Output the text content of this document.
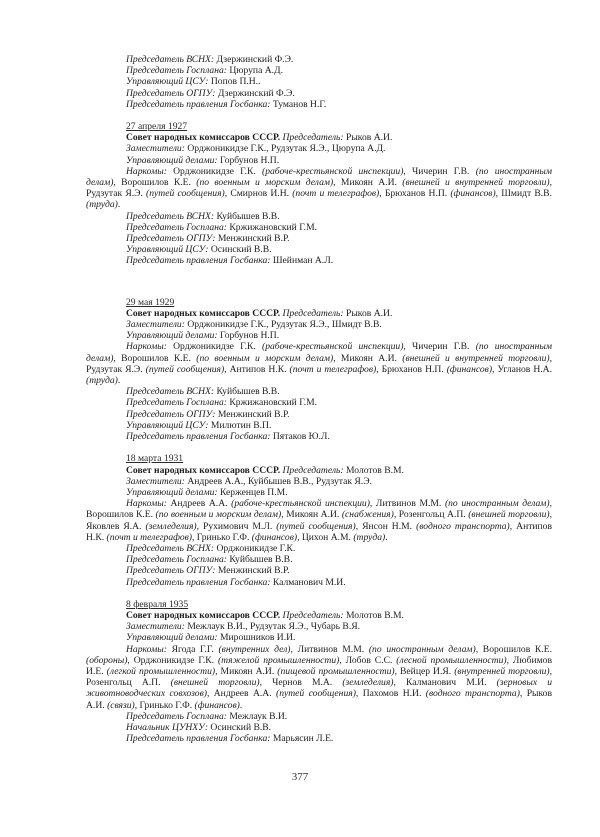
Председатель ВСНХ: Дзержинский Ф.Э.
Председатель Госплана: Цюрупа А.Д.
Управляющий ЦСУ: Попов П.Н..
Председатель ОГПУ: Дзержинский Ф.Э.
Председатель правления Госбанка: Туманов Н.Г.
27 апреля 1927
Совет народных комиссаров СССР. Председатель: Рыков А.И.
Заместители: Орджоникидзе Г.К., Рудзутак Я.Э., Цюрупа А.Д.
Управляющий делами: Горбунов Н.П.
Наркомы: Орджоникидзе Г.К. (рабоче-крестьянской инспекции), Чичерин Г.В. (по иностранным делам), Ворошилов К.Е. (по военным и морским делам), Микоян А.И. (внешней и внутренней торговли), Рудзутак Я.Э. (путей сообщения), Смирнов И.Н. (почт и телеграфов), Брюханов Н.П. (финансов), Шмидт В.В. (труда).
Председатель ВСНХ: Куйбышев В.В.
Председатель Госплана: Кржижановский Г.М.
Председатель ОГПУ: Менжинский В.Р.
Управляющий ЦСУ: Осинский В.В.
Председатель правления Госбанка: Шейнман А.Л.
29 мая 1929
Совет народных комиссаров СССР. Председатель: Рыков А.И.
Заместители: Орджоникидзе Г.К., Рудзутак Я.Э., Шмидт В.В.
Управляющий делами: Горбунов Н.П.
Наркомы: Орджоникидзе Г.К. (рабоче-крестьянской инспекции), Чичерин Г.В. (по иностранным делам), Ворошилов К.Е. (по военным и морским делам), Микоян А.И. (внешней и внутренней торговли), Рудзутак Я.Э. (путей сообщения), Антипов Н.К. (почт и телеграфов), Брюханов Н.П. (финансов), Угланов Н.А. (труда).
Председатель ВСНХ: Куйбышев В.В.
Председатель Госплана: Кржижановский Г.М.
Председатель ОГПУ: Менжинский В.Р.
Управляющий ЦСУ: Милютин В.П.
Председатель правления Госбанка: Пятаков Ю.Л.
18 марта 1931
Совет народных комиссаров СССР. Председатель: Молотов В.М.
Заместители: Андреев А.А., Куйбышев В.В., Рудзутак Я.Э.
Управляющий делами: Керженцев П.М.
Наркомы: Андреев А.А. (рабоче-крестьянской инспекции), Литвинов М.М. (по иностранным делам), Ворошилов К.Е. (по военным и морским делам), Микоян А.И. (снабжения), Розенгольц А.П. (внешней торговли), Яковлев Я.А. (земледелия), Рухимович М.Л. (путей сообщения), Янсон Н.М. (водного транспорта), Антипов Н.К. (почт и телеграфов), Гринько Г.Ф. (финансов), Цихон А.М. (труда).
Председатель ВСНХ: Орджоникидзе Г.К.
Председатель Госплана: Куйбышев В.В.
Председатель ОГПУ: Менжинский В.Р.
Председатель правления Госбанка: Калманович М.И.
8 февраля 1935
Совет народных комиссаров СССР. Председатель: Молотов В.М.
Заместители: Межлаук В.И., Рудзутак Я.Э., Чубарь В.Я.
Управляющий делами: Мирошников И.И.
Наркомы: Ягода Г.Г. (внутренних дел), Литвинов М.М. (по иностранным делам), Ворошилов К.Е. (обороны), Орджоникидзе Г.К. (тяжелой промышленности), Лобов С.С. (лесной промышленности), Любимов И.Е. (легкой промышленности), Микоян А.И. (пищевой промышленности), Вейцер И.Я. (внутренней торговли), Розенгольц А.П. (внешней торговли), Чернов М.А. (земледелия), Калманович М.И. (зерновых и животноводческих совхозов), Андреев А.А. (путей сообщения), Пахомов Н.И. (водного транспорта), Рыков А.И. (связи), Гринько Г.Ф. (финансов).
Председатель Госплана: Межлаук В.И.
Начальник ЦУНХУ: Осинский В.В.
Председатель правления Госбанка: Марьясин Л.Е.
377
